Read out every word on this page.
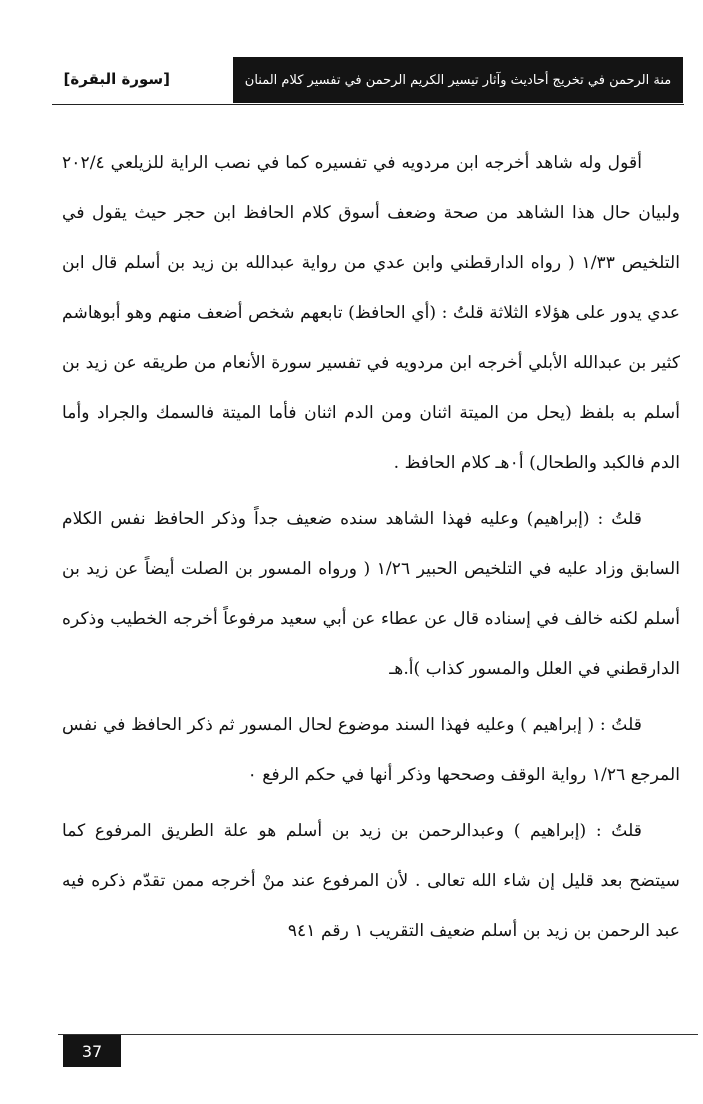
منة الرحمن في تخريج أحاديث وآثار تيسير الكريم الرحمن في تفسير كلام المنان
[سورة البقرة]

أقول وله شاهد أخرجه ابن مردويه في تفسيره كما في نصب الراية للزيلعي ٢٠٢/٤ ولبيان حال هذا الشاهد من صحة وضعف أسوق كلام الحافظ ابن حجر حيث يقول في التلخيص ١/٣٣ ( رواه الدارقطني وابن عدي من رواية عبدالله بن زيد بن أسلم قال ابن عدي يدور على هؤلاء الثلاثة قلتُ : (أي الحافظ) تابعهم شخص أضعف منهم وهو أبوهاشم كثير بن عبدالله الأبلي أخرجه ابن مردويه في تفسير سورة الأنعام من طريقه عن زيد بن أسلم به بلفظ (يحل من الميتة اثنان ومن الدم اثنان فأما الميتة فالسمك والجراد وأما الدم فالكبد والطحال) أ٠هـ كلام الحافظ .

قلتُ : (إبراهيم) وعليه فهذا الشاهد سنده ضعيف جداً وذكر الحافظ نفس الكلام السابق وزاد عليه في التلخيص الحبير ١/٢٦ ( ورواه المسور بن الصلت أيضاً عن زيد بن أسلم لكنه خالف في إسناده قال عن عطاء عن أبي سعيد مرفوعاً أخرجه الخطيب وذكره الدارقطني في العلل والمسور كذاب )أ.هـ

قلتُ : ( إبراهيم ) وعليه فهذا السند موضوع لحال المسور ثم ذكر الحافظ في نفس المرجع ١/٢٦ رواية الوقف وصححها وذكر أنها في حكم الرفع ٠

قلتُ : (إبراهيم ) وعبدالرحمن بن زيد بن أسلم هو علة الطريق المرفوع كما سيتضح بعد قليل إن شاء الله تعالى . لأن المرفوع عند منْ أخرجه ممن تقدّم ذكره فيه عبد الرحمن بن زيد بن أسلم ضعيف التقريب ١ رقم ٩٤١

37
